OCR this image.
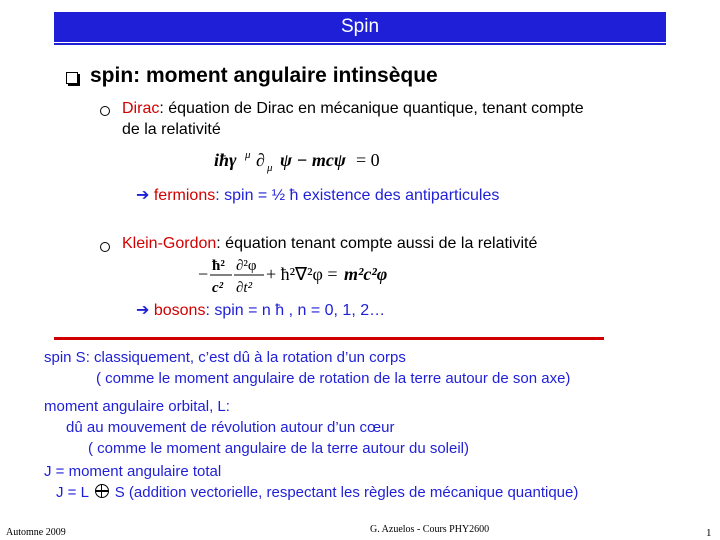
Spin
spin: moment angulaire intinsèque
Dirac: équation de Dirac en mécanique quantique, tenant compte
de la relativité
iħγ μ ∂ μ ψ − mcψ = 0
➔ fermions: spin = ½ ħ existence des antiparticules
Klein-Gordon: équation tenant compte aussi de la relativité
− ħ²
c²
∂²φ
∂t²
+ ħ²∇²φ = m²c²φ
➔ bosons: spin = n ħ , n = 0, 1, 2…
spin S: classiquement, c’est dû à la rotation d’un corps
( comme le moment angulaire de rotation de la terre autour de son axe)
moment angulaire orbital, L:
dû au mouvement de révolution autour d’un cœur
( comme le moment angulaire de la terre autour du soleil)
J = moment angulaire total
J = L S (addition vectorielle, respectant les règles de mécanique quantique)
Automne 2009	G. Azuelos - Cours PHY2600	1
